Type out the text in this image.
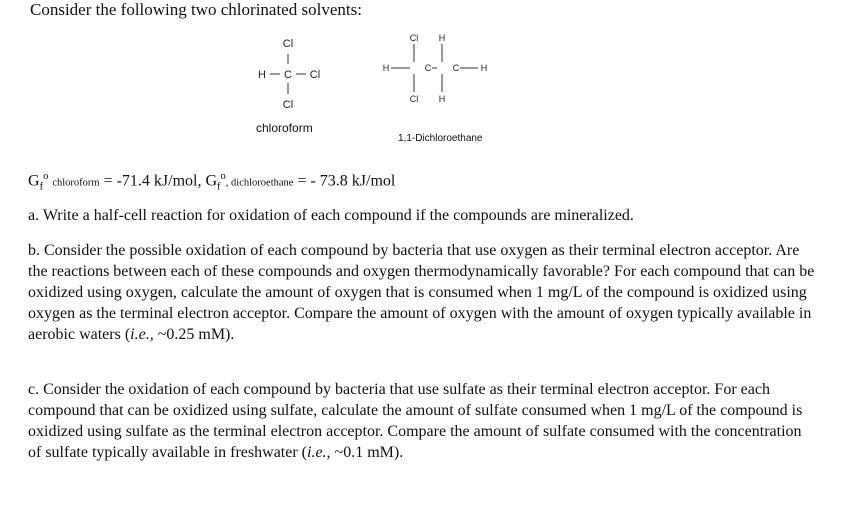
Consider the following two chlorinated solvents:
Cl
H C Cl
Cl
Cl H
H	C C H
Cl H
chloroform
1,1-Dichloroethane
$G_f^o$ chloroform = -71.4 kJ/mol, $G_f^o$, dichloroethane = - 73.8 kJ/mol
a. Write a half-cell reaction for oxidation of each compound if the compounds are mineralized.
b. Consider the possible oxidation of each compound by bacteria that use oxygen as their terminal electron acceptor. Are the reactions between each of these compounds and oxygen thermodynamically favorable? For each compound that can be oxidized using oxygen, calculate the amount of oxygen that is consumed when 1 mg/L of the compound is oxidized using oxygen as the terminal electron acceptor. Compare the amount of oxygen with the amount of oxygen typically available in aerobic waters (i.e., ~0.25 mM).
c. Consider the oxidation of each compound by bacteria that use sulfate as their terminal electron acceptor. For each compound that can be oxidized using sulfate, calculate the amount of sulfate consumed when 1 mg/L of the compound is oxidized using sulfate as the terminal electron acceptor. Compare the amount of sulfate consumed with the concentration of sulfate typically available in freshwater (i.e., ~0.1 mM).
